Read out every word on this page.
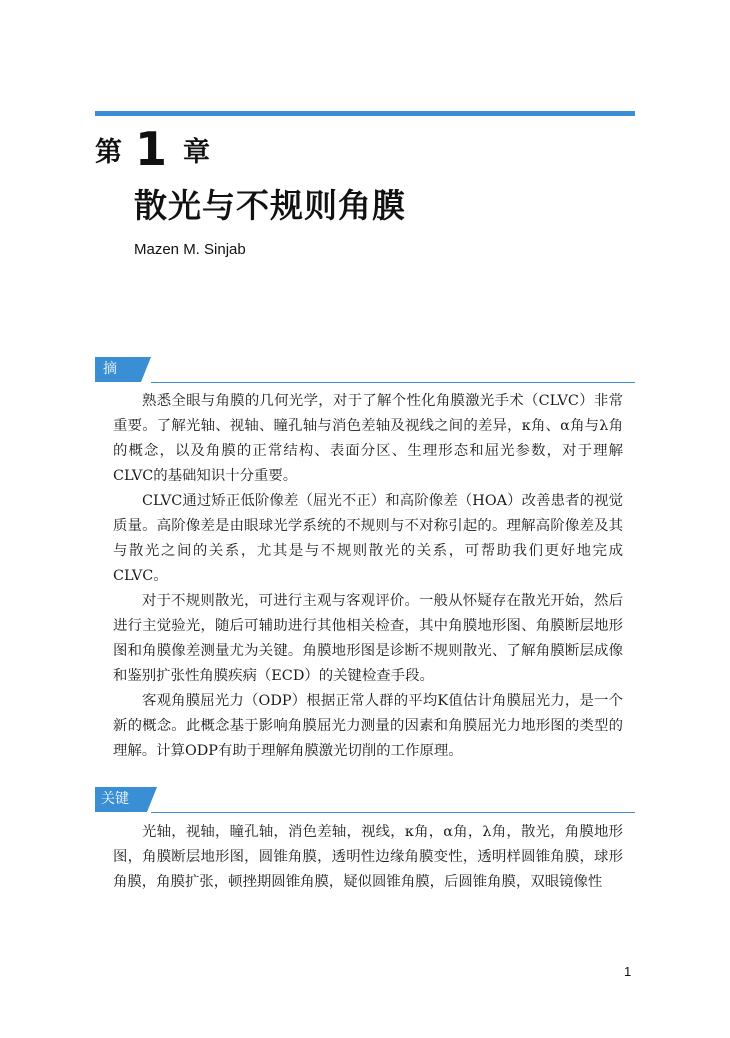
第 1 章
散光与不规则角膜
Mazen M. Sinjab
摘要	熟悉全眼与角膜的几何光学，对于了解个性化角膜激光手术（CLVC）非常重要。了解光轴、视轴、瞳孔轴与消色差轴及视线之间的差异，κ角、α角与λ角的概念，以及角膜的正常结构、表面分区、生理形态和屈光参数，对于理解CLVC的基础知识十分重要。

CLVC通过矫正低阶像差（屈光不正）和高阶像差（HOA）改善患者的视觉质量。高阶像差是由眼球光学系统的不规则与不对称引起的。理解高阶像差及其与散光之间的关系，尤其是与不规则散光的关系，可帮助我们更好地完成CLVC。

对于不规则散光，可进行主观与客观评价。一般从怀疑存在散光开始，然后进行主觉验光，随后可辅助进行其他相关检查，其中角膜地形图、角膜断层地形图和角膜像差测量尤为关键。角膜地形图是诊断不规则散光、了解角膜断层成像和鉴别扩张性角膜疾病（ECD）的关键检查手段。

客观角膜屈光力（ODP）根据正常人群的平均K值估计角膜屈光力，是一个新的概念。此概念基于影响角膜屈光力测量的因素和角膜屈光力地形图的类型的理解。计算ODP有助于理解角膜激光切削的工作原理。

关键词	光轴，视轴，瞳孔轴，消色差轴，视线，κ角，α角，λ角，散光，角膜地形图，角膜断层地形图，圆锥角膜，透明性边缘角膜变性，透明样圆锥角膜，球形角膜，角膜扩张，顿挫期圆锥角膜，疑似圆锥角膜，后圆锥角膜，双眼镜像性

1
